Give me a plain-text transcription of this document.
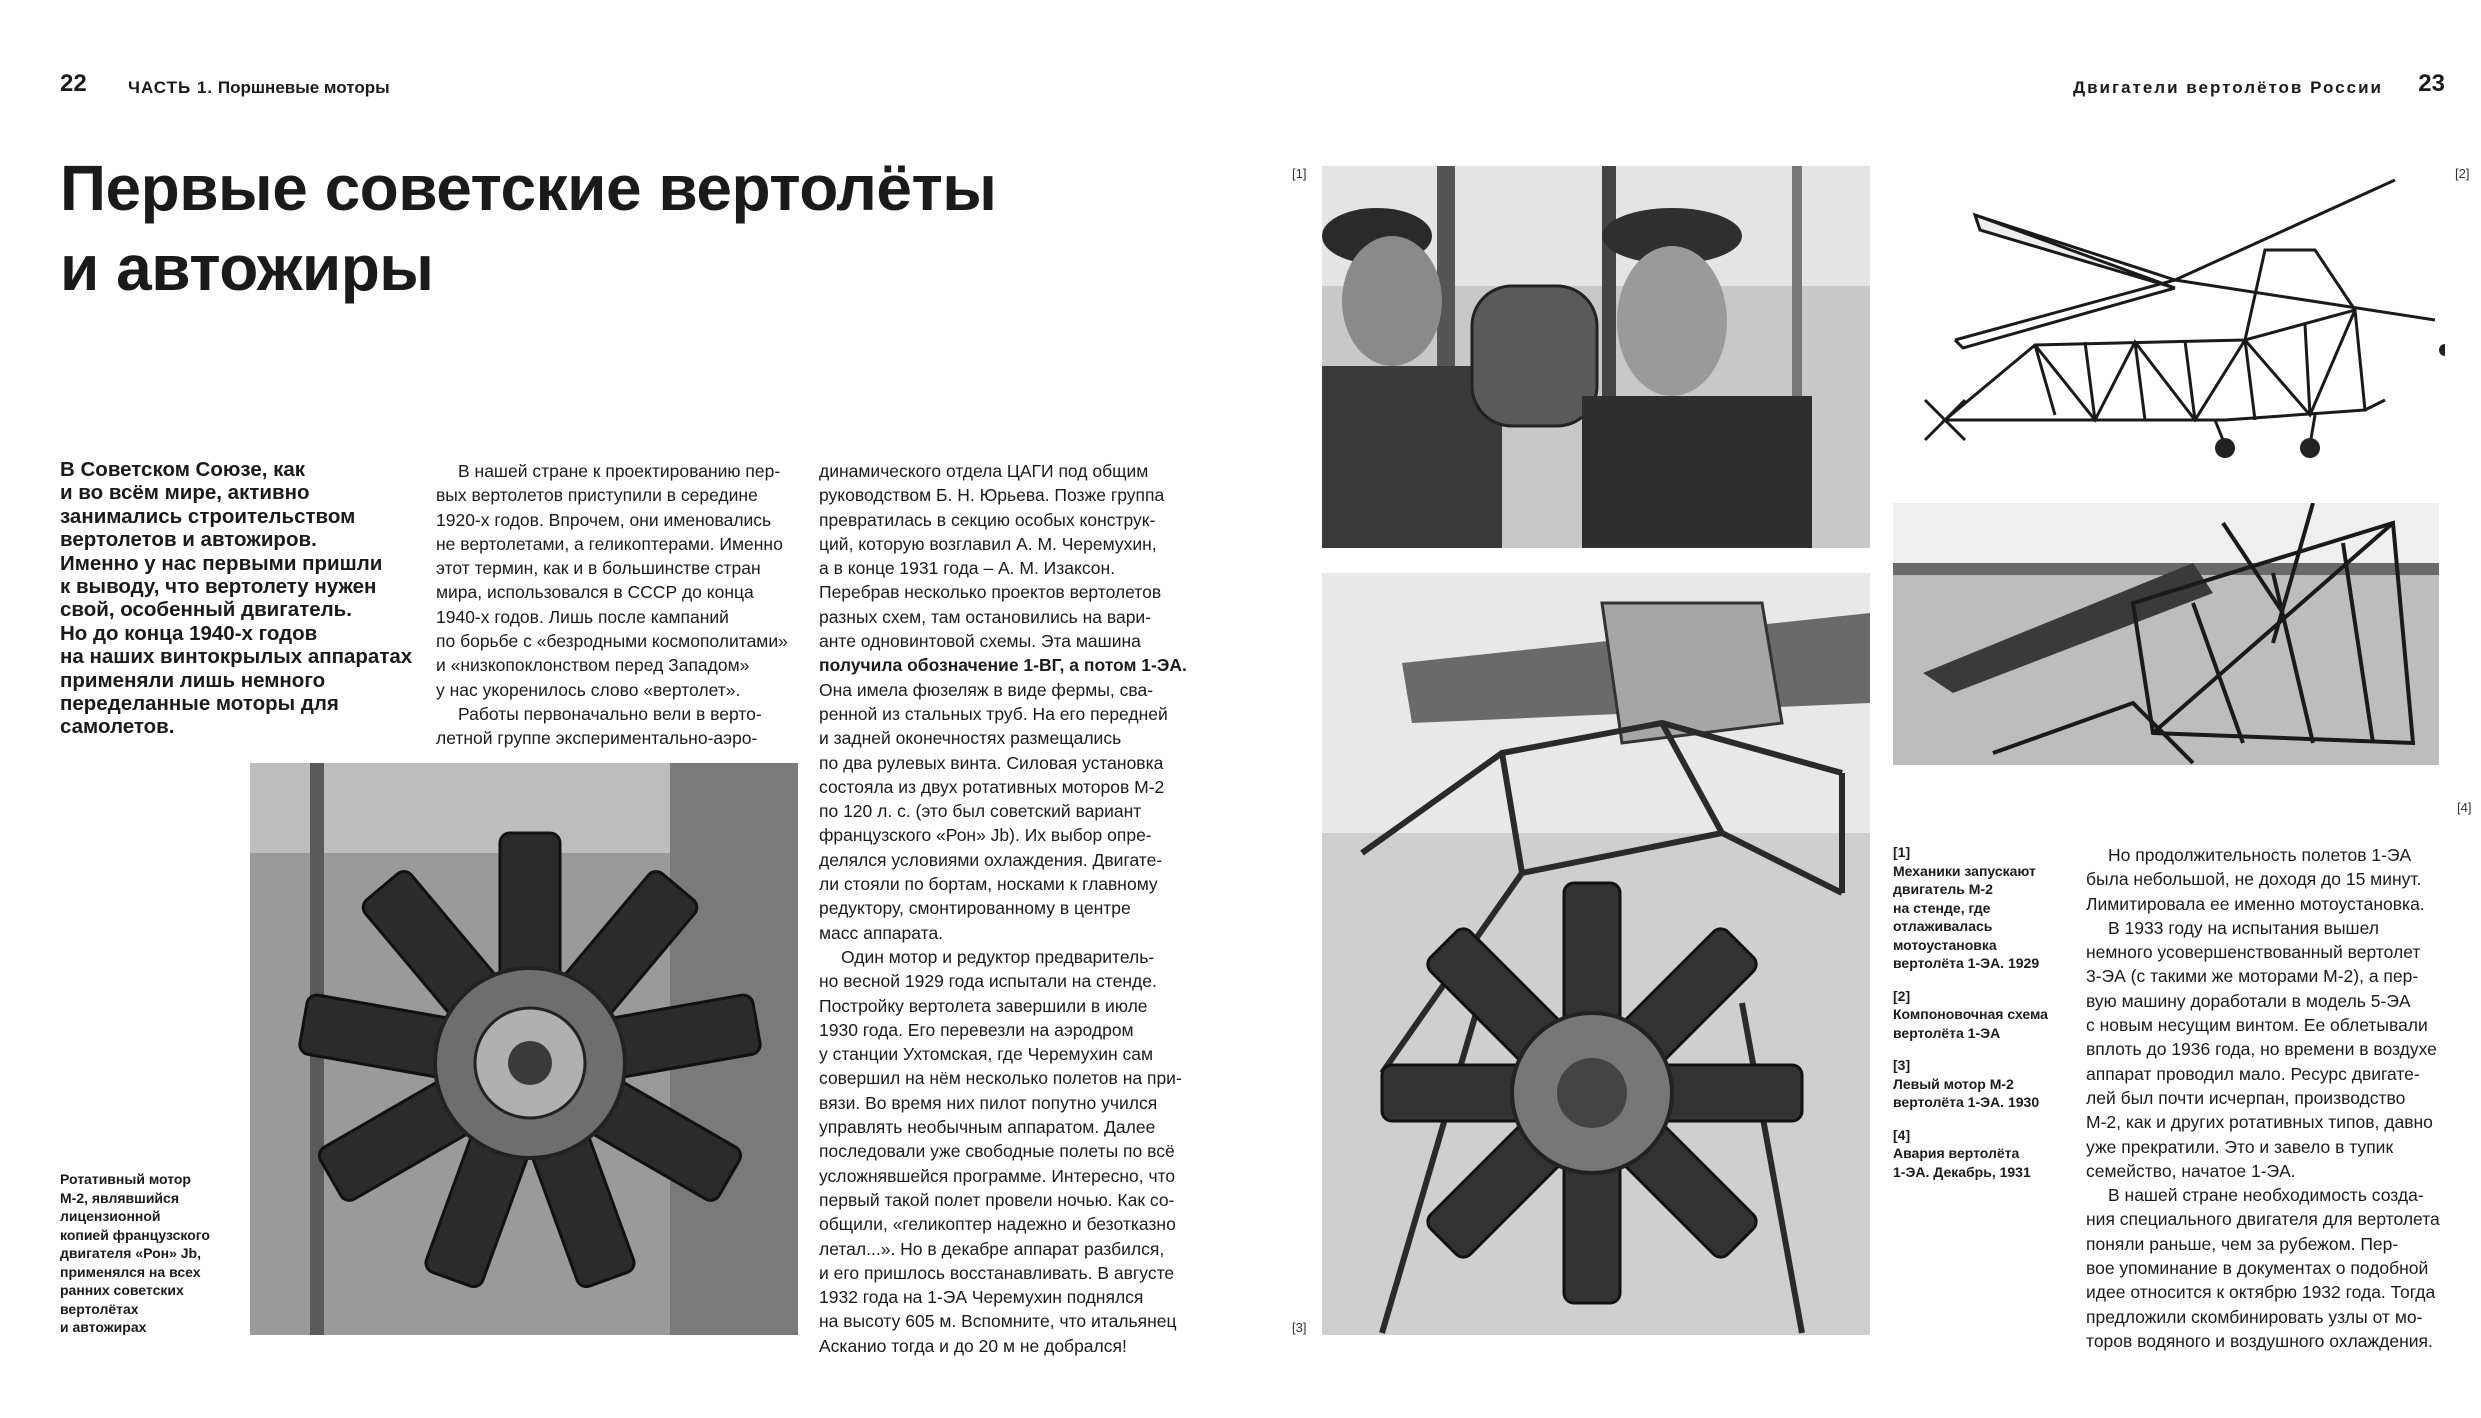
22 ЧАСТЬ 1. Поршневые моторы	Двигатели вертолётов России 23
Первые советские вертолёты
и автожиры
В Советском Союзе, как
и во всём мире, активно
занимались строительством
вертолетов и автожиров.
Именно у нас первыми пришли
к выводу, что вертолету нужен
свой, особенный двигатель.
Но до конца 1940-х годов
на наших винтокрылых аппаратах
применяли лишь немного
переделанные моторы для
самолетов.
В нашей стране к проектированию пер-
вых вертолетов приступили в середине
1920-х годов. Впрочем, они именовались
не вертолетами, а геликоптерами. Именно
этот термин, как и в большинстве стран
мира, использовался в СССР до конца
1940-х годов. Лишь после кампаний
по борьбе с «безродными космополитами»
и «низкопоклонством перед Западом»
у нас укоренилось слово «вертолет».
Работы первоначально вели в верто-
летной группе экспериментально-аэро-
динамического отдела ЦАГИ под общим
руководством Б. Н. Юрьева. Позже группа
превратилась в секцию особых конструк-
ций, которую возглавил А. М. Черемухин,
а в конце 1931 года – А. М. Изаксон.
Перебрав несколько проектов вертолетов
разных схем, там остановились на вари-
анте одновинтовой схемы. Эта машина
получила обозначение 1-ВГ, а потом 1-ЭА.
Она имела фюзеляж в виде фермы, сва-
ренной из стальных труб. На его передней
и задней оконечностях размещались
по два рулевых винта. Силовая установка
состояла из двух ротативных моторов М-2
по 120 л. с. (это был советский вариант
французского «Рон» Jb). Их выбор опре-
делялся условиями охлаждения. Двигате-
ли стояли по бортам, носками к главному
редуктору, смонтированному в центре
масс аппарата.
Один мотор и редуктор предваритель-
но весной 1929 года испытали на стенде.
Постройку вертолета завершили в июле
1930 года. Его перевезли на аэродром
у станции Ухтомская, где Черемухин сам
совершил на нём несколько полетов на при-
вязи. Во время них пилот попутно учился
управлять необычным аппаратом. Далее
последовали уже свободные полеты по всё
усложнявшейся программе. Интересно, что
первый такой полет провели ночью. Как со-
общили, «геликоптер надежно и безотказно
летал...». Но в декабре аппарат разбился,
и его пришлось восстанавливать. В августе
1932 года на 1-ЭА Черемухин поднялся
на высоту 605 м. Вспомните, что итальянец
Асканио тогда и до 20 м не добрался!
Ротативный мотор
М-2, являвшийся
лицензионной
копией французского
двигателя «Рон» Jb,
применялся на всех
ранних советских
вертолётах
и автожирах
[1]	[2]
[3]
[4]
[1]
Механики запускают
двигатель М-2
на стенде, где
отлаживалась
мотоустановка
вертолёта 1-ЭА. 1929
[2]
Компоновочная схема
вертолёта 1-ЭА
[3]
Левый мотор М-2
вертолёта 1-ЭА. 1930
[4]
Авария вертолёта
1-ЭА. Декабрь, 1931
Но продолжительность полетов 1-ЭА
была небольшой, не доходя до 15 минут.
Лимитировала ее именно мотоустановка.
В 1933 году на испытания вышел
немного усовершенствованный вертолет
3-ЭА (с такими же моторами М-2), а пер-
вую машину доработали в модель 5-ЭА
с новым несущим винтом. Ее облетывали
вплоть до 1936 года, но времени в воздухе
аппарат проводил мало. Ресурс двигате-
лей был почти исчерпан, производство
М-2, как и других ротативных типов, давно
уже прекратили. Это и завело в тупик
семейство, начатое 1-ЭА.
В нашей стране необходимость созда-
ния специального двигателя для вертолета
поняли раньше, чем за рубежом. Пер-
вое упоминание в документах о подобной
идее относится к октябрю 1932 года. Тогда
предложили скомбинировать узлы от мо-
торов водяного и воздушного охлаждения.
